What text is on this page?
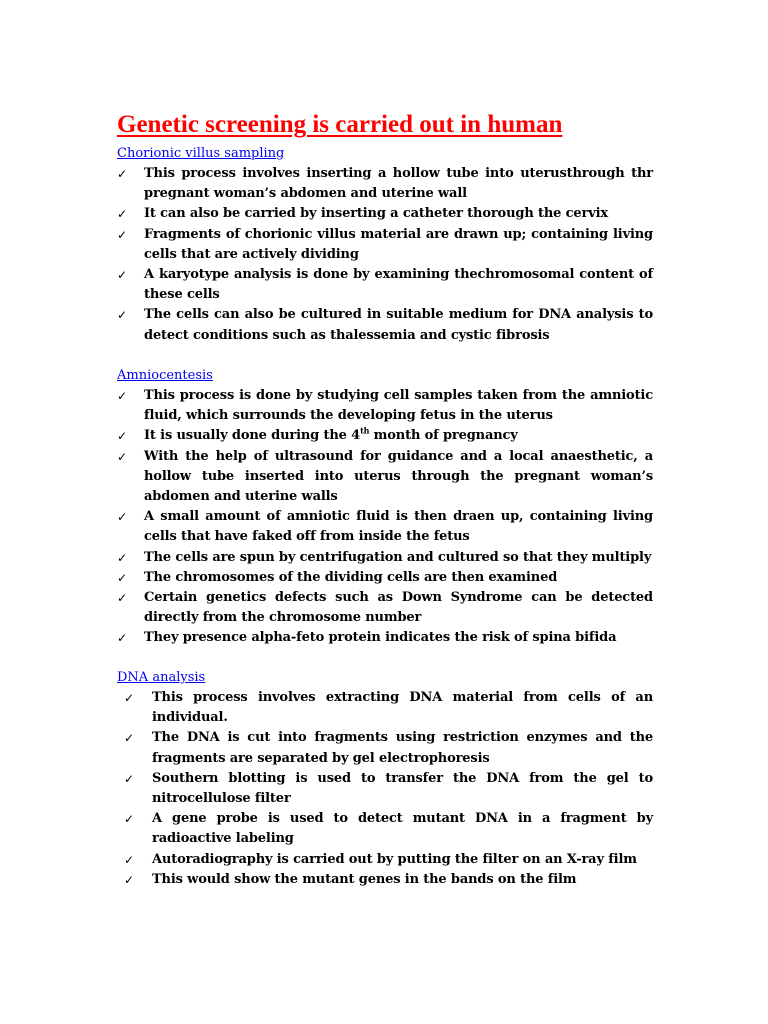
Genetic screening is carried out in human
Chorionic villus sampling
✓ This process involves inserting a hollow tube into uterusthrough thr pregnant woman’s abdomen and uterine wall
✓ It can also be carried by inserting a catheter thorough the cervix
✓ Fragments of chorionic villus material are drawn up; containing living cells that are actively dividing
✓ A karyotype analysis is done by examining thechromosomal content of these cells
✓ The cells can also be cultured in suitable medium for DNA analysis to detect conditions such as thalessemia and cystic fibrosis
Amniocentesis
✓ This process is done by studying cell samples taken from the amniotic fluid, which surrounds the developing fetus in the uterus
✓ It is usually done during the 4th month of pregnancy
✓ With the help of ultrasound for guidance and a local anaesthetic, a hollow tube inserted into uterus through the pregnant woman’s abdomen and uterine walls
✓ A small amount of amniotic fluid is then draen up, containing living cells that have faked off from inside the fetus
✓ The cells are spun by centrifugation and cultured so that they multiply
✓ The chromosomes of the dividing cells are then examined
✓ Certain genetics defects such as Down Syndrome can be detected directly from the chromosome number
✓ They presence alpha-feto protein indicates the risk of spina bifida
DNA analysis
✓ This process involves extracting DNA material from cells of an individual.
✓ The DNA is cut into fragments using restriction enzymes and the fragments are separated by gel electrophoresis
✓ Southern blotting is used to transfer the DNA from the gel to nitrocellulose filter
✓ A gene probe is used to detect mutant DNA in a fragment by radioactive labeling
✓ Autoradiography is carried out by putting the filter on an X-ray film
✓ This would show the mutant genes in the bands on the film
